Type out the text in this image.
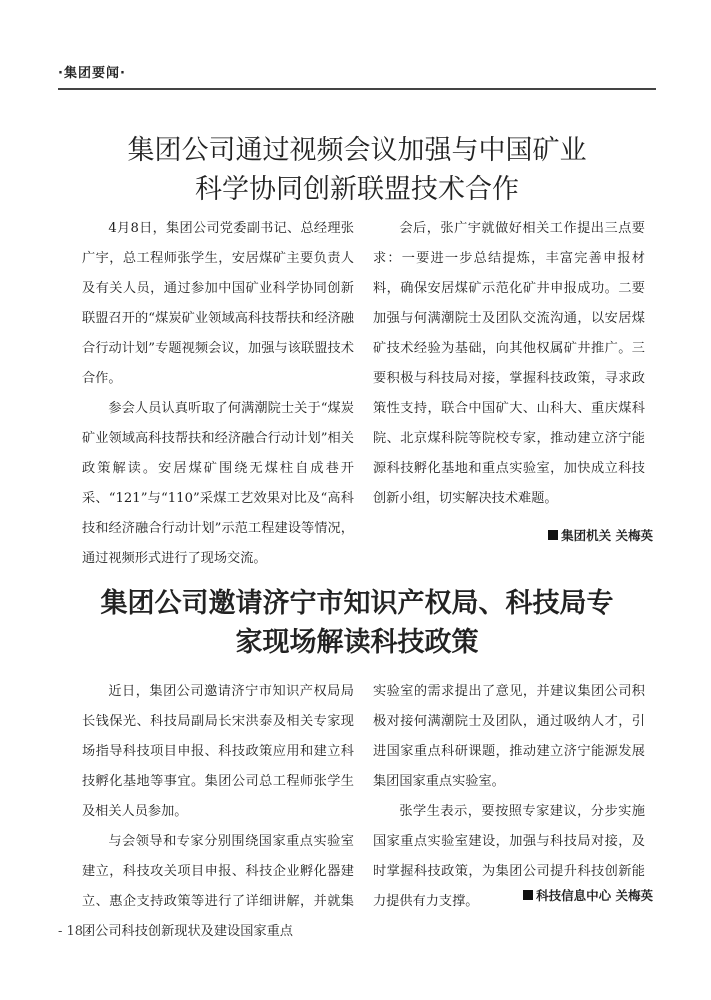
·集团要闻·
集团公司通过视频会议加强与中国矿业
科学协同创新联盟技术合作

4月8日，集团公司党委副书记、总经理张广宇，总工程师张学生，安居煤矿主要负责人及有关人员，通过参加中国矿业科学协同创新联盟召开的“煤炭矿业领域高科技帮扶和经济融合行动计划”专题视频会议，加强与该联盟技术合作。

参会人员认真听取了何满潮院士关于“煤炭矿业领域高科技帮扶和经济融合行动计划”相关政策解读。安居煤矿围绕无煤柱自成巷开采、“121”与“110”采煤工艺效果对比及“高科技和经济融合行动计划”示范工程建设等情况，通过视频形式进行了现场交流。

会后，张广宇就做好相关工作提出三点要求：一要进一步总结提炼，丰富完善申报材料，确保安居煤矿示范化矿井申报成功。二要加强与何满潮院士及团队交流沟通，以安居煤矿技术经验为基础，向其他权属矿井推广。三要积极与科技局对接，掌握科技政策，寻求政策性支持，联合中国矿大、山科大、重庆煤科院、北京煤科院等院校专家，推动建立济宁能源科技孵化基地和重点实验室，加快成立科技创新小组，切实解决技术难题。

集团机关 关梅英
集团公司邀请济宁市知识产权局、科技局专
家现场解读科技政策

近日，集团公司邀请济宁市知识产权局局长钱保光、科技局副局长宋洪泰及相关专家现场指导科技项目申报、科技政策应用和建立科技孵化基地等事宜。集团公司总工程师张学生及相关人员参加。

与会领导和专家分别围绕国家重点实验室建立，科技攻关项目申报、科技企业孵化器建立、惠企支持政策等进行了详细讲解，并就集团公司科技创新现状及建设国家重点

实验室的需求提出了意见，并建议集团公司积极对接何满潮院士及团队，通过吸纳人才，引进国家重点科研课题，推动建立济宁能源发展集团国家重点实验室。

张学生表示，要按照专家建议，分步实施国家重点实验室建设，加强与科技局对接，及时掌握科技政策，为集团公司提升科技创新能力提供有力支撑。	科技信息中心 关梅英
- 18 -
